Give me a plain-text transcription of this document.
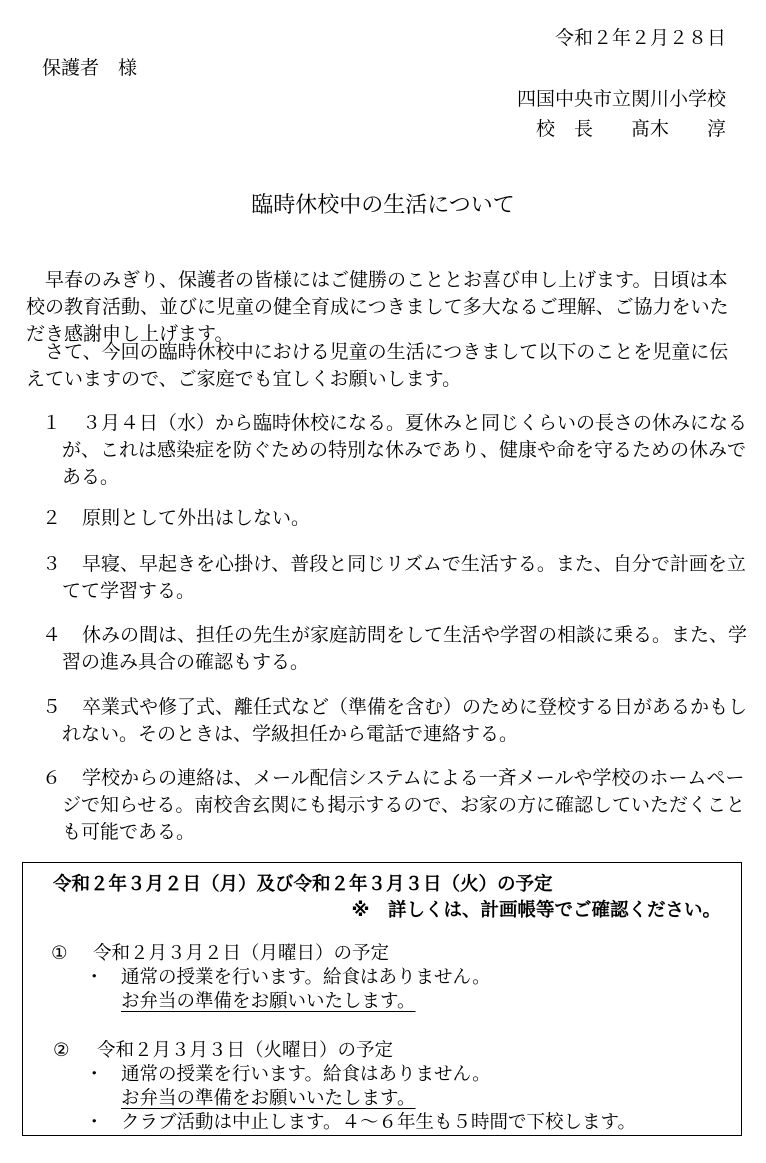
令和２年２月２８日
保護者　様
四国中央市立関川小学校
校　長　　髙木　　淳
臨時休校中の生活について
早春のみぎり、保護者の皆様にはご健勝のこととお喜び申し上げます。日頃は本校の教育活動、並びに児童の健全育成につきまして多大なるご理解、ご協力をいただき感謝申し上げます。
さて、今回の臨時休校中における児童の生活につきまして以下のことを児童に伝えていますので、ご家庭でも宜しくお願いします。
１	３月４日（水）から臨時休校になる。夏休みと同じくらいの長さの休みになるが、これは感染症を防ぐための特別な休みであり、健康や命を守るための休みである。
２	原則として外出はしない。
３	早寝、早起きを心掛け、普段と同じリズムで生活する。また、自分で計画を立てて学習する。
４	休みの間は、担任の先生が家庭訪問をして生活や学習の相談に乗る。また、学習の進み具合の確認もする。
５	卒業式や修了式、離任式など（準備を含む）のために登校する日があるかもしれない。そのときは、学級担任から電話で連絡する。
６	学校からの連絡は、メール配信システムによる一斉メールや学校のホームページで知らせる。南校舎玄関にも掲示するので、お家の方に確認していただくことも可能である。
令和２年３月２日（月）及び令和２年３月３日（火）の予定
※　詳しくは、計画帳等でご確認ください。
① 令和２月３月２日（月曜日）の予定
・ 通常の授業を行います。給食はありません。
お弁当の準備をお願いいたします。
② 令和２月３月３日（火曜日）の予定
・ 通常の授業を行います。給食はありません。
お弁当の準備をお願いいたします。
・ クラブ活動は中止します。４～６年生も５時間で下校します。
